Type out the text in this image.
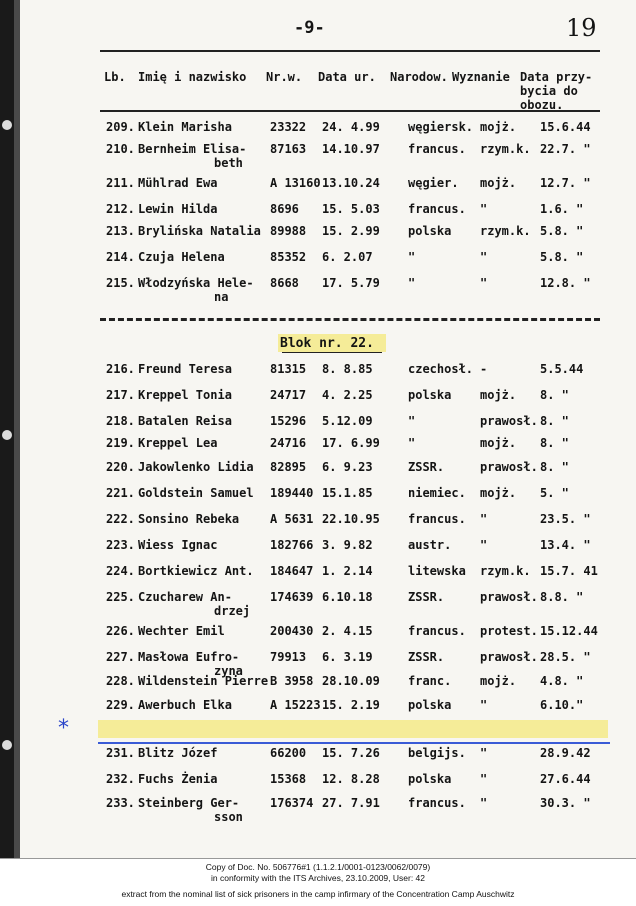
-9-	19
Lb. Imię i nazwisko Nr.w. Data ur. Narodow. Wyznanie Data przy-
bycia do
obozu.
209. Klein Marisha	23322 24. 4.99 węgiersk. mojż. 15.6.44
210. Bernheim Elisa- 87163 14.10.97 francus. rzym.k. 22.7. "
beth
211. Mühlrad Ewa	A 13160 13.10.24 węgier. mojż. 12.7. "
212. Lewin Hilda	8696 15. 5.03 francus. "	1.6. "
213. Brylińska Natalia 89988 15. 2.99 polska rzym.k. 5.8. "
214. Czuja Helena	85352 6. 2.07	"	"	5.8. "
215. Włodzyńska Hele- 8668 17. 5.79 "	"	12.8. "
na
Blok nr. 22.
216. Freund Teresa	81315 8. 8.85	czechosł. -	5.5.44
217. Kreppel Tonia	24717 4. 2.25	polska mojż. 8. "
218. Batalen Reisa	15296 5.12.09	"	prawosł. 8. "
219. Kreppel Lea	24716 17. 6.99 "	mojż. 8. "
220. Jakowlenko Lidia 82895 6. 9.23	ZSSR.	prawosł. 8. "
221. Goldstein Samuel 189440 15.1.85	niemiec. mojż. 5. "
222. Sonsino Rebeka	A 5631 22.10.95 francus. "	23.5. "
223. Wiess Ignac	182766 3. 9.82	austr. "	13.4. "
224. Bortkiewicz Ant. 184647 1. 2.14	litewska rzym.k. 15.7. 41
225. Czucharew An-	174639 6.10.18	ZSSR.	prawosł. 8.8. "
drzej
226. Wechter Emil	200430 2. 4.15	francus. protest. 15.12.44
227. Masłowa Eufro-	79913 6. 3.19	ZSSR.	prawosł. 28.5. "
zyna
228. Wildenstein Pierre B 3958 28.10.09 franc. mojż. 4.8. "
229. Awerbuch Elka	A 15223 15. 2.19 polska "	6.10."
231. Blitz Józef	66200 15. 7.26 belgijs. "	28.9.42
232. Fuchs Żenia	15368 12. 8.28 polska "	27.6.44
233. Steinberg Ger-	176374 27. 7.91 francus. "	30.3. "
sson
*
Copy of Doc. No. 506776#1 (1.1.2.1/0001-0123/0062/0079)
in conformity with the ITS Archives, 23.10.2009, User: 42
extract from the nominal list of sick prisoners in the camp infirmary of the Concentration Camp Auschwitz
